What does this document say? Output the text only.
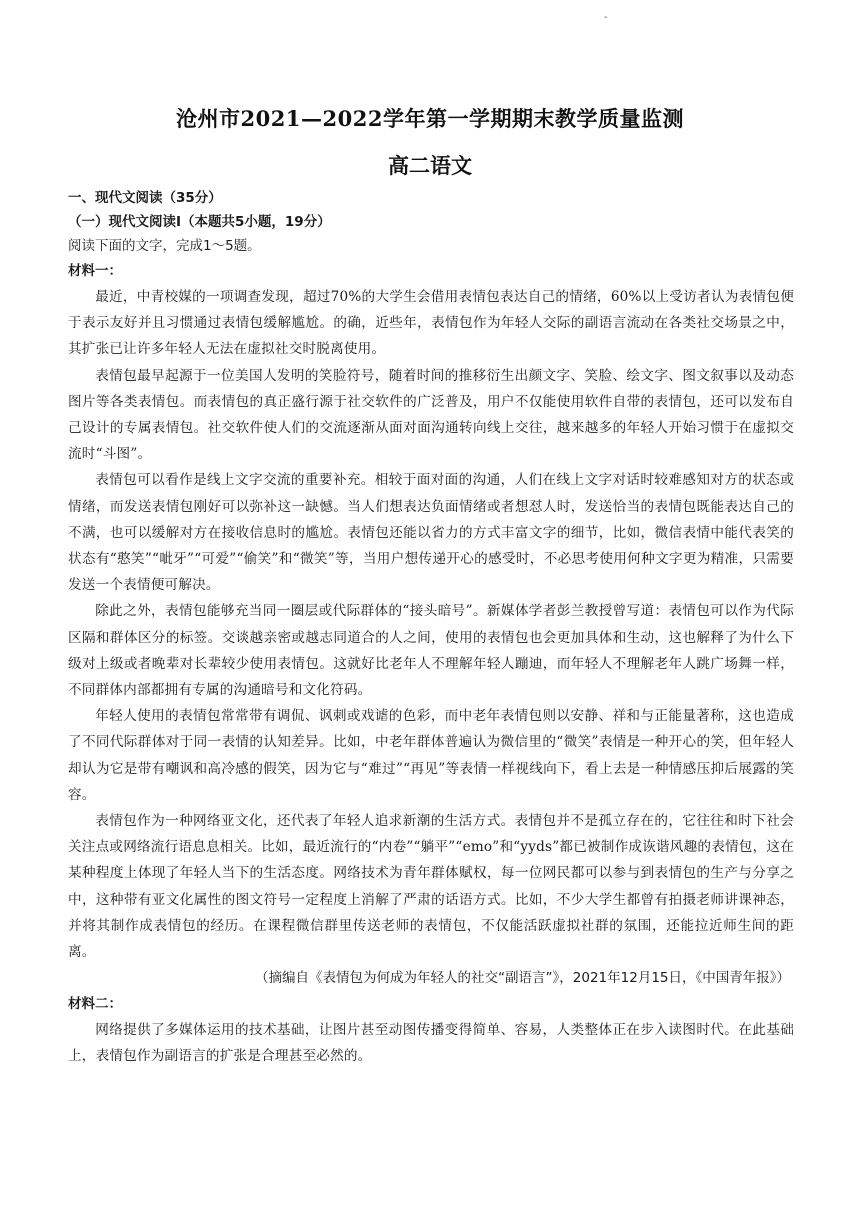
-
沧州市2021—2022学年第一学期期末教学质量监测
高二语文

一、现代文阅读（35分）

（一）现代文阅读Ⅰ（本题共5小题，19分）

阅读下面的文字，完成1～5题。

材料一：

最近，中青校媒的一项调查发现，超过70%的大学生会借用表情包表达自己的情绪，60%以上受访者认为表情包便于表示友好并且习惯通过表情包缓解尴尬。的确，近些年，表情包作为年轻人交际的副语言流动在各类社交场景之中，其扩张已让许多年轻人无法在虚拟社交时脱离使用。

表情包最早起源于一位美国人发明的笑脸符号，随着时间的推移衍生出颜文字、笑脸、绘文字、图文叙事以及动态图片等各类表情包。而表情包的真正盛行源于社交软件的广泛普及，用户不仅能使用软件自带的表情包，还可以发布自己设计的专属表情包。社交软件使人们的交流逐渐从面对面沟通转向线上交往，越来越多的年轻人开始习惯于在虚拟交流时“斗图”。

表情包可以看作是线上文字交流的重要补充。相较于面对面的沟通，人们在线上文字对话时较难感知对方的状态或情绪，而发送表情包刚好可以弥补这一缺憾。当人们想表达负面情绪或者想怼人时，发送恰当的表情包既能表达自己的不满，也可以缓解对方在接收信息时的尴尬。表情包还能以省力的方式丰富文字的细节，比如，微信表情中能代表笑的状态有“憨笑”“呲牙”“可爱”“偷笑”和“微笑”等，当用户想传递开心的感受时，不必思考使用何种文字更为精准，只需要发送一个表情便可解决。

除此之外，表情包能够充当同一圈层或代际群体的“接头暗号”。新媒体学者彭兰教授曾写道：表情包可以作为代际区隔和群体区分的标签。交谈越亲密或越志同道合的人之间，使用的表情包也会更加具体和生动，这也解释了为什么下级对上级或者晚辈对长辈较少使用表情包。这就好比老年人不理解年轻人蹦迪，而年轻人不理解老年人跳广场舞一样，不同群体内部都拥有专属的沟通暗号和文化符码。

年轻人使用的表情包常常带有调侃、讽刺或戏谑的色彩，而中老年表情包则以安静、祥和与正能量著称，这也造成了不同代际群体对于同一表情的认知差异。比如，中老年群体普遍认为微信里的“微笑”表情是一种开心的笑，但年轻人却认为它是带有嘲讽和高冷感的假笑，因为它与“难过”“再见”等表情一样视线向下，看上去是一种情感压抑后展露的笑容。

表情包作为一种网络亚文化，还代表了年轻人追求新潮的生活方式。表情包并不是孤立存在的，它往往和时下社会关注点或网络流行语息息相关。比如，最近流行的“内卷”“躺平”“emo”和“yyds”都已被制作成诙谐风趣的表情包，这在某种程度上体现了年轻人当下的生活态度。网络技术为青年群体赋权，每一位网民都可以参与到表情包的生产与分享之中，这种带有亚文化属性的图文符号一定程度上消解了严肃的话语方式。比如，不少大学生都曾有拍摄老师讲课神态，并将其制作成表情包的经历。在课程微信群里传送老师的表情包，不仅能活跃虚拟社群的氛围，还能拉近师生间的距离。

（摘编自《表情包为何成为年轻人的社交“副语言”》，2021年12月15日，《中国青年报》）

材料二：

网络提供了多媒体运用的技术基础，让图片甚至动图传播变得简单、容易，人类整体正在步入读图时代。在此基础上，表情包作为副语言的扩张是合理甚至必然的。
